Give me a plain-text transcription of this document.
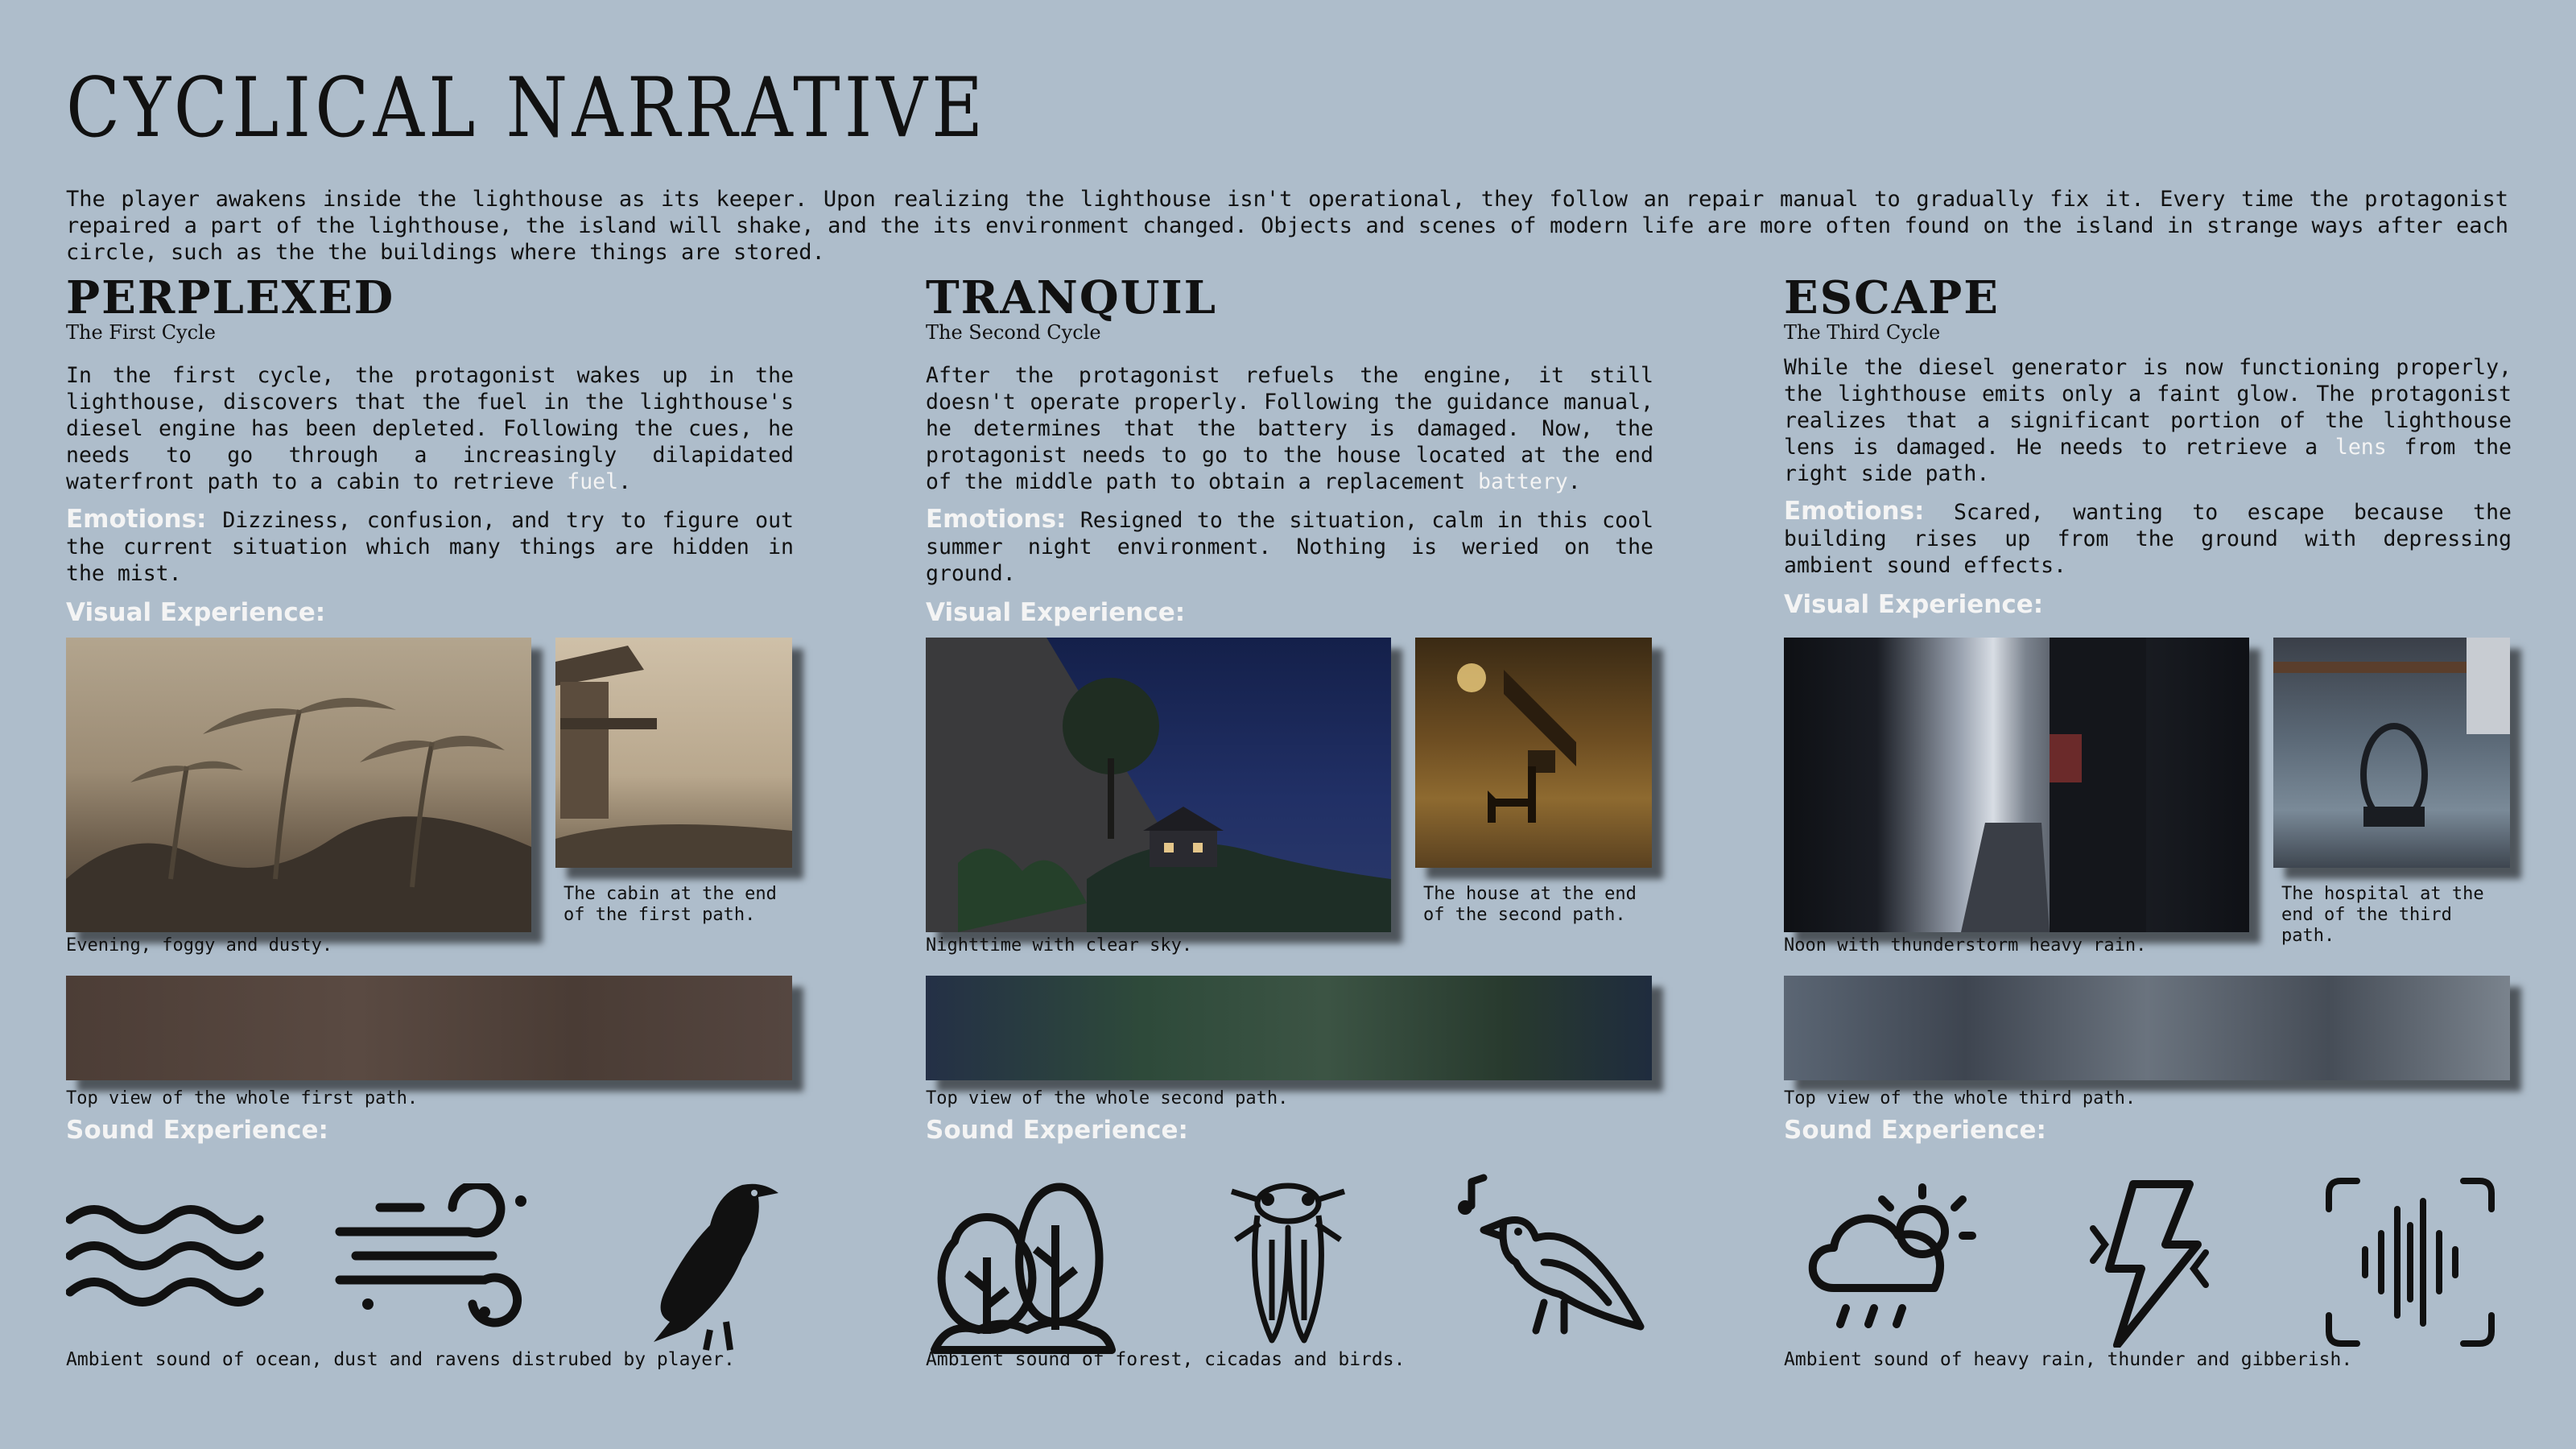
CYCLICAL NARRATIVE

The player awakens inside the lighthouse as its keeper. Upon realizing the lighthouse isn't operational, they follow an repair manual to gradually fix it. Every time the protagonist repaired a part of the lighthouse, the island will shake, and the its environment changed. Objects and scenes of modern life are more often found on the island in strange ways after each circle, such as the the buildings where things are stored.

PERPLEXED

The First Cycle

In the first cycle, the protagonist wakes up in the lighthouse, discovers that the fuel in the lighthouse's diesel engine has been depleted. Following the cues, he needs to go through a increasingly dilapidated waterfront path to a cabin to retrieve fuel.

Emotions: Dizziness, confusion, and try to figure out the current situation which many things are hidden in the mist.

Visual Experience:

The cabin at the end of the first path.

Evening, foggy and dusty.

Top view of the whole first path.

Sound Experience:

Ambient sound of ocean, dust and ravens distrubed by player.

TRANQUIL

The Second Cycle

After the protagonist refuels the engine, it still doesn't operate properly. Following the guidance manual, he determines that the battery is damaged. Now, the protagonist needs to go to the house located at the end of the middle path to obtain a replacement battery.

Emotions: Resigned to the situation, calm in this cool summer night environment. Nothing is weried on the ground.

Visual Experience:

The house at the end of the second path.

Nighttime with clear sky.

Top view of the whole second path.

Sound Experience:

Ambient sound of forest, cicadas and birds.

ESCAPE

The Third Cycle

While the diesel generator is now functioning properly, the lighthouse emits only a faint glow. The protagonist realizes that a significant portion of the lighthouse lens is damaged. He needs to retrieve a lens from the right side path.

Emotions: Scared, wanting to escape because the building rises up from the ground with depressing ambient sound effects.

Visual Experience:

The hospital at the end of the third path.

Noon with thunderstorm heavy rain.

Top view of the whole third path.

Sound Experience:

Ambient sound of heavy rain, thunder and gibberish.
